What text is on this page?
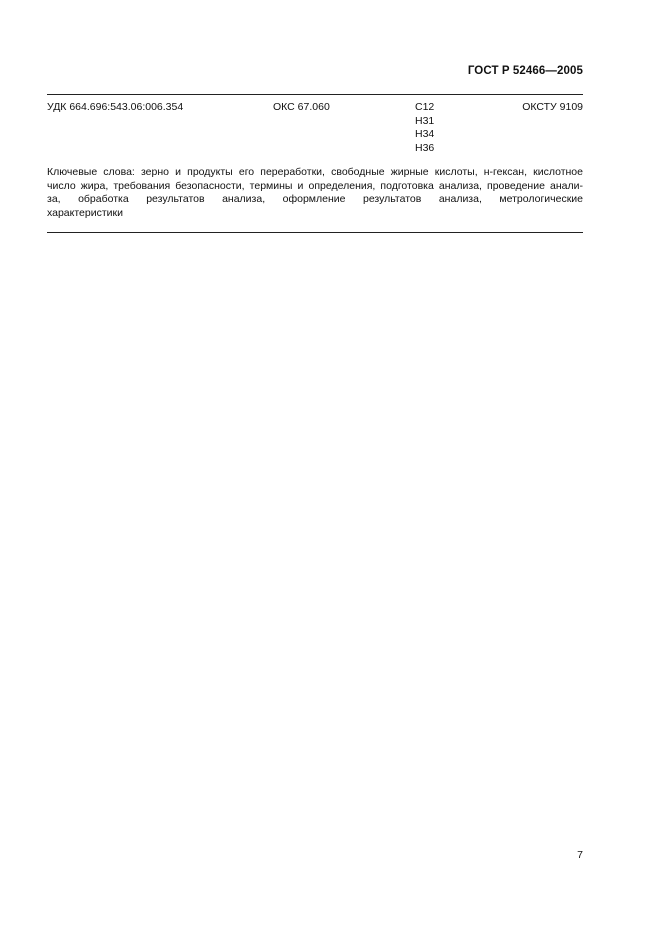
ГОСТ Р 52466—2005
УДК 664.696:543.06:006.354	ОКС 67.060	С12
Н31
Н34
Н36
ОКСТУ 9109
Ключевые слова: зерно и продукты его переработки, свободные жирные кислоты, н-гексан, кислотное
число жира, требования безопасности, термины и определения, подготовка анализа, проведение анали-
за, обработка результатов анализа, оформление результатов анализа, метрологические
характеристики
7
